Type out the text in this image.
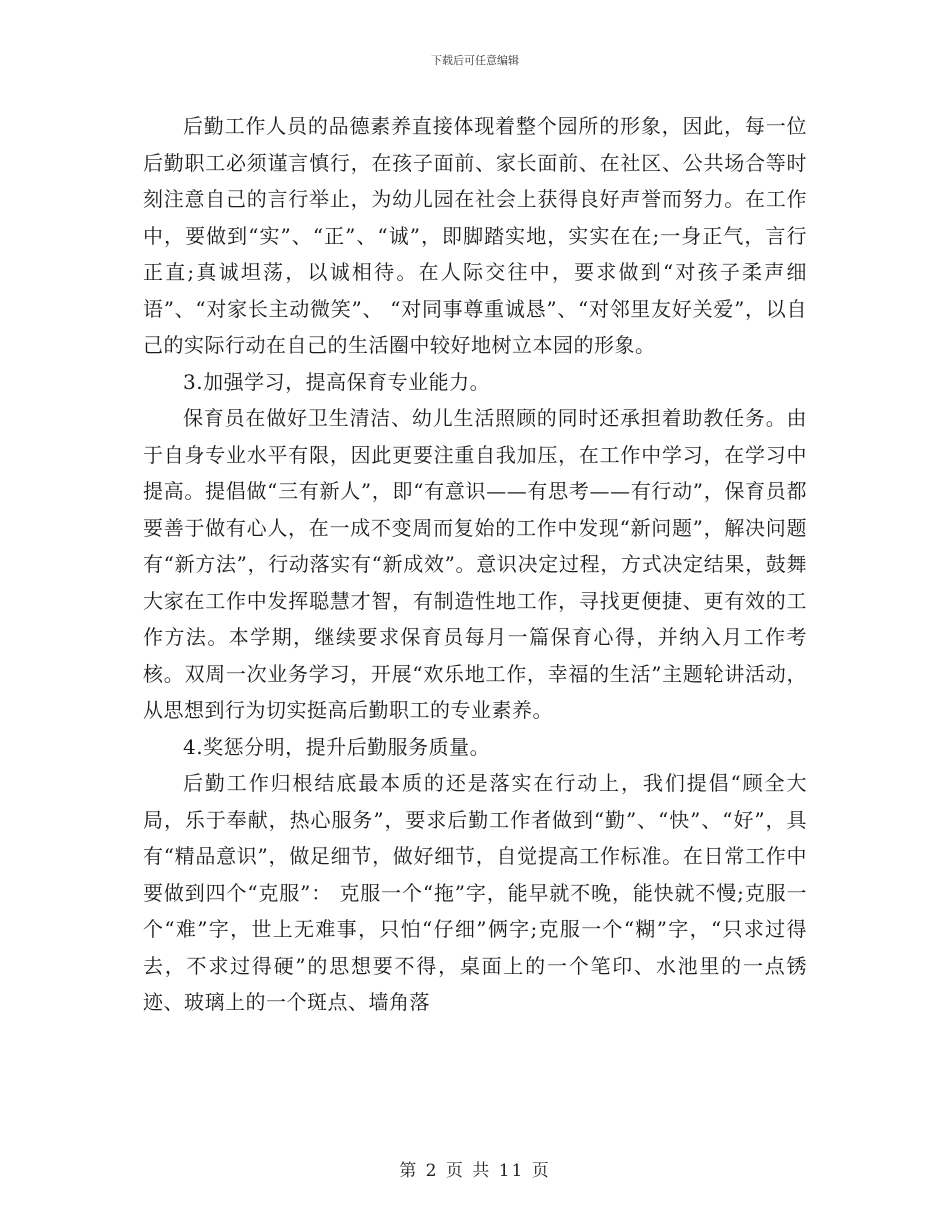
下载后可任意编辑

后勤工作人员的品德素养直接体现着整个园所的形象，因此，每一位后勤职工必须谨言慎行，在孩子面前、家长面前、在社区、公共场合等时刻注意自己的言行举止，为幼儿园在社会上获得良好声誉而努力。在工作中，要做到“实”、“正”、“诚”，即脚踏实地，实实在在;一身正气，言行正直;真诚坦荡，以诚相待。在人际交往中，要求做到“对孩子柔声细语”、“对家长主动微笑”、 “对同事尊重诚恳”、“对邻里友好关爱”，以自己的实际行动在自己的生活圈中较好地树立本园的形象。

3.加强学习，提高保育专业能力。

保育员在做好卫生清洁、幼儿生活照顾的同时还承担着助教任务。由于自身专业水平有限，因此更要注重自我加压，在工作中学习，在学习中提高。提倡做“三有新人”，即“有意识——有思考——有行动”，保育员都要善于做有心人，在一成不变周而复始的工作中发现“新问题”，解决问题有“新方法”，行动落实有“新成效”。意识决定过程，方式决定结果，鼓舞大家在工作中发挥聪慧才智，有制造性地工作，寻找更便捷、更有效的工作方法。本学期，继续要求保育员每月一篇保育心得，并纳入月工作考核。双周一次业务学习，开展“欢乐地工作，幸福的生活”主题轮讲活动，从思想到行为切实挺高后勤职工的专业素养。

4.奖惩分明，提升后勤服务质量。

后勤工作归根结底最本质的还是落实在行动上，我们提倡“顾全大局，乐于奉献，热心服务”，要求后勤工作者做到“勤”、“快”、“好”，具有“精品意识”，做足细节，做好细节，自觉提高工作标准。在日常工作中要做到四个“克服”： 克服一个“拖”字，能早就不晚，能快就不慢;克服一个“难”字，世上无难事，只怕“仔细”俩字;克服一个“糊”字，“只求过得去，不求过得硬”的思想要不得，桌面上的一个笔印、水池里的一点锈迹、玻璃上的一个斑点、墙角落

第 2 页 共 11 页
